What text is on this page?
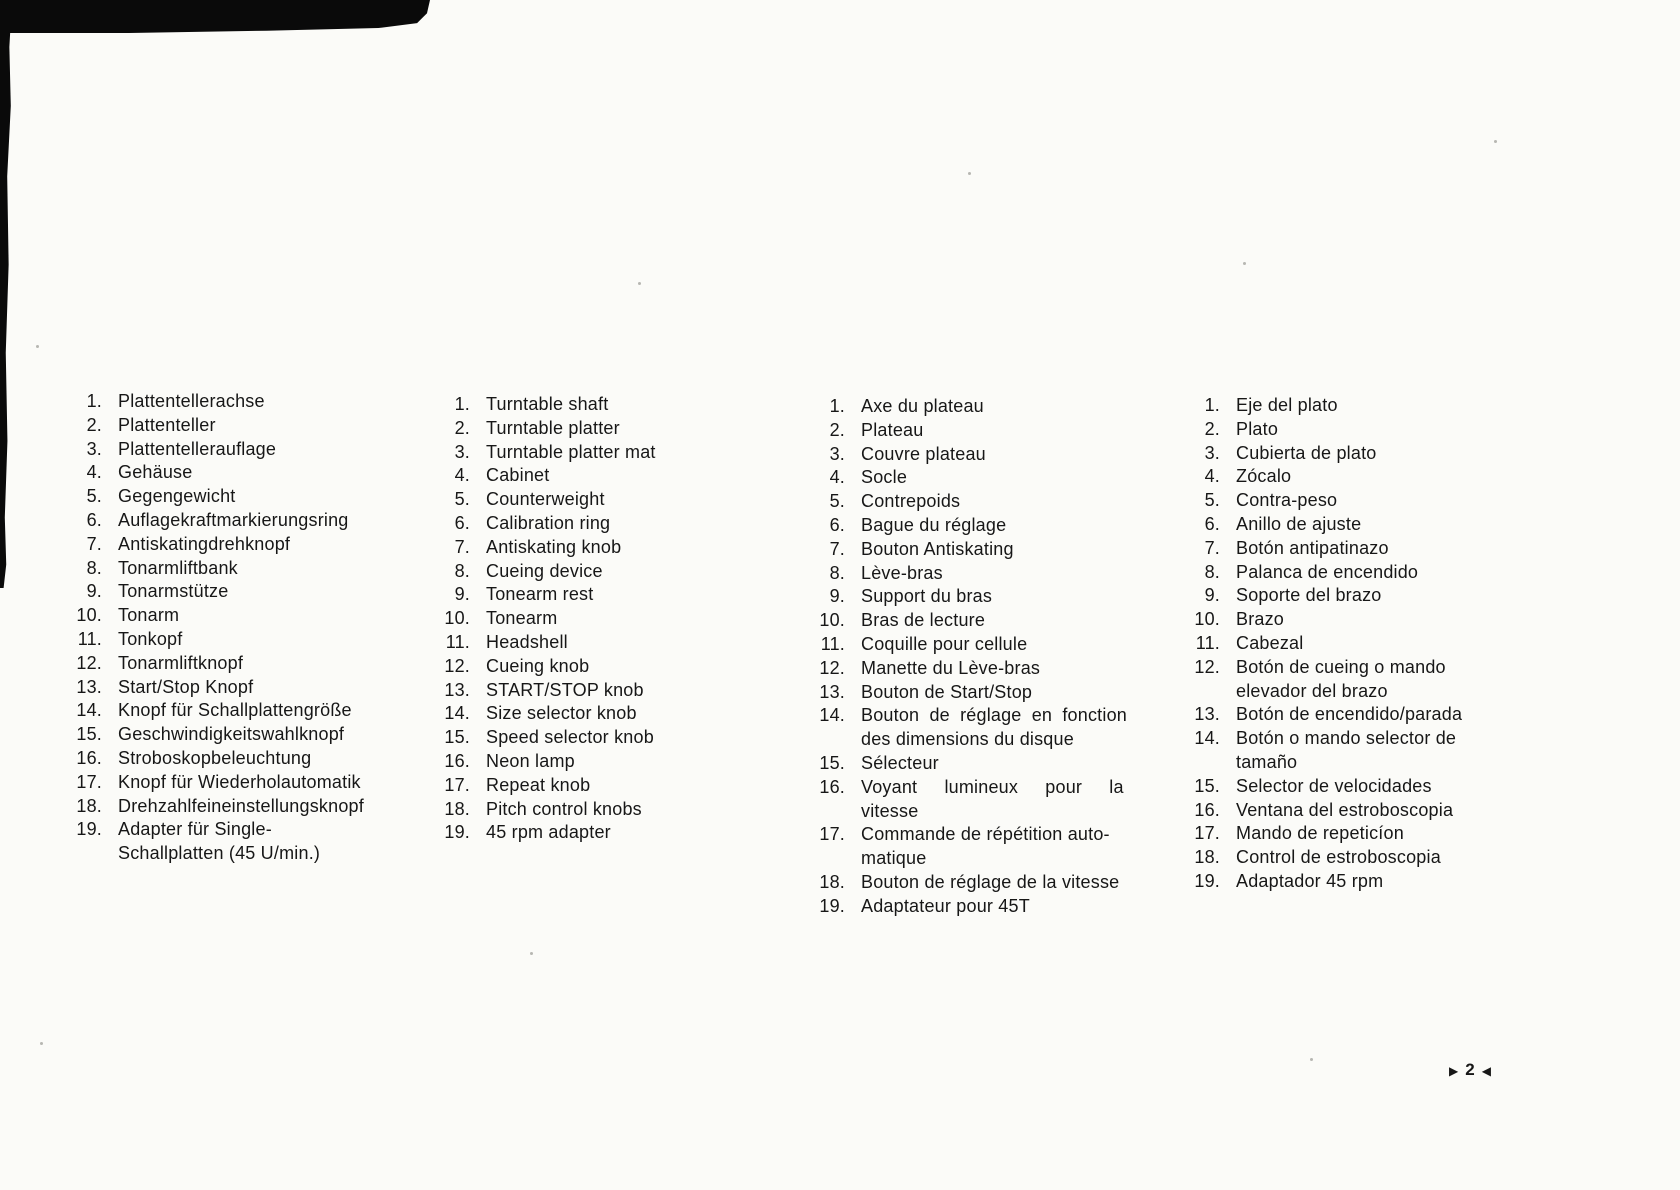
1. Plattentellerachse
2. Plattenteller
3. Plattentellerauflage
4. Gehäuse
5. Gegengewicht
6. Auflagekraftmarkierungsring
7. Antiskatingdrehknopf
8. Tonarmliftbank
9. Tonarmstütze
10. Tonarm
11. Tonkopf
12. Tonarmliftknopf
13. Start/Stop Knopf
14. Knopf für Schallplattengröße
15. Geschwindigkeitswahlknopf
16. Stroboskopbeleuchtung
17. Knopf für Wiederholautomatik
18. Drehzahlfeineinstellungsknopf
19. Adapter für Single-
Schallplatten (45 U/min.)
1. Turntable shaft
2. Turntable platter
3. Turntable platter mat
4. Cabinet
5. Counterweight
6. Calibration ring
7. Antiskating knob
8. Cueing device
9. Tonearm rest
10. Tonearm
11. Headshell
12. Cueing knob
13. START/STOP knob
14. Size selector knob
15. Speed selector knob
16. Neon lamp
17. Repeat knob
18. Pitch control knobs
19. 45 rpm adapter
1. Axe du plateau
2. Plateau
3. Couvre plateau
4. Socle
5. Contrepoids
6. Bague du réglage
7. Bouton Antiskating
8. Lève-bras
9. Support du bras
10. Bras de lecture
11. Coquille pour cellule
12. Manette du Lève-bras
13. Bouton de Start/Stop
14. Bouton de réglage en fonction
des dimensions du disque
15. Sélecteur
16. Voyant lumineux pour la
vitesse
17. Commande de répétition auto-
matique
18. Bouton de réglage de la vitesse
19. Adaptateur pour 45T
1. Eje del plato
2. Plato
3. Cubierta de plato
4. Zócalo
5. Contra-peso
6. Anillo de ajuste
7. Botón antipatinazo
8. Palanca de encendido
9. Soporte del brazo
10. Brazo
11. Cabezal
12. Botón de cueing o mando
elevador del brazo
13. Botón de encendido/parada
14. Botón o mando selector de
tamaño
15. Selector de velocidades
16. Ventana del estroboscopia
17. Mando de repeticíon
18. Control de estroboscopia
19. Adaptador 45 rpm
▶ 2 ◀
